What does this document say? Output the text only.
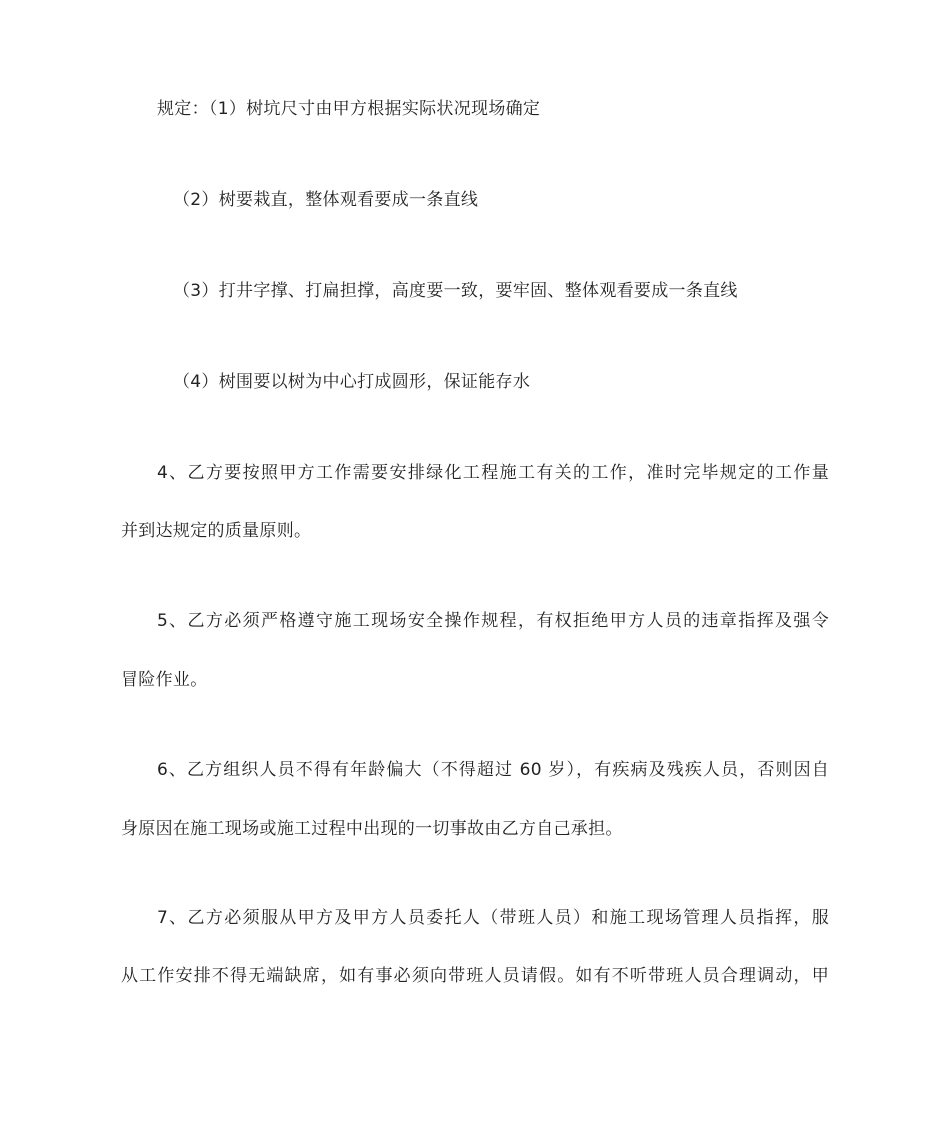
规定：（1）树坑尺寸由甲方根据实际状况现场确定
（2）树要栽直，整体观看要成一条直线
（3）打井字撑、打扁担撑，高度要一致，要牢固、整体观看要成一条直线
（4）树围要以树为中心打成圆形，保证能存水
4、乙方要按照甲方工作需要安排绿化工程施工有关的工作，准时完毕规定的工作量
并到达规定的质量原则。
5、乙方必须严格遵守施工现场安全操作规程，有权拒绝甲方人员的违章指挥及强令
冒险作业。
6、乙方组织人员不得有年龄偏大（不得超过 60 岁），有疾病及残疾人员，否则因自
身原因在施工现场或施工过程中出现的一切事故由乙方自己承担。
7、乙方必须服从甲方及甲方人员委托人（带班人员）和施工现场管理人员指挥，服
从工作安排不得无端缺席，如有事必须向带班人员请假。如有不听带班人员合理调动，甲
